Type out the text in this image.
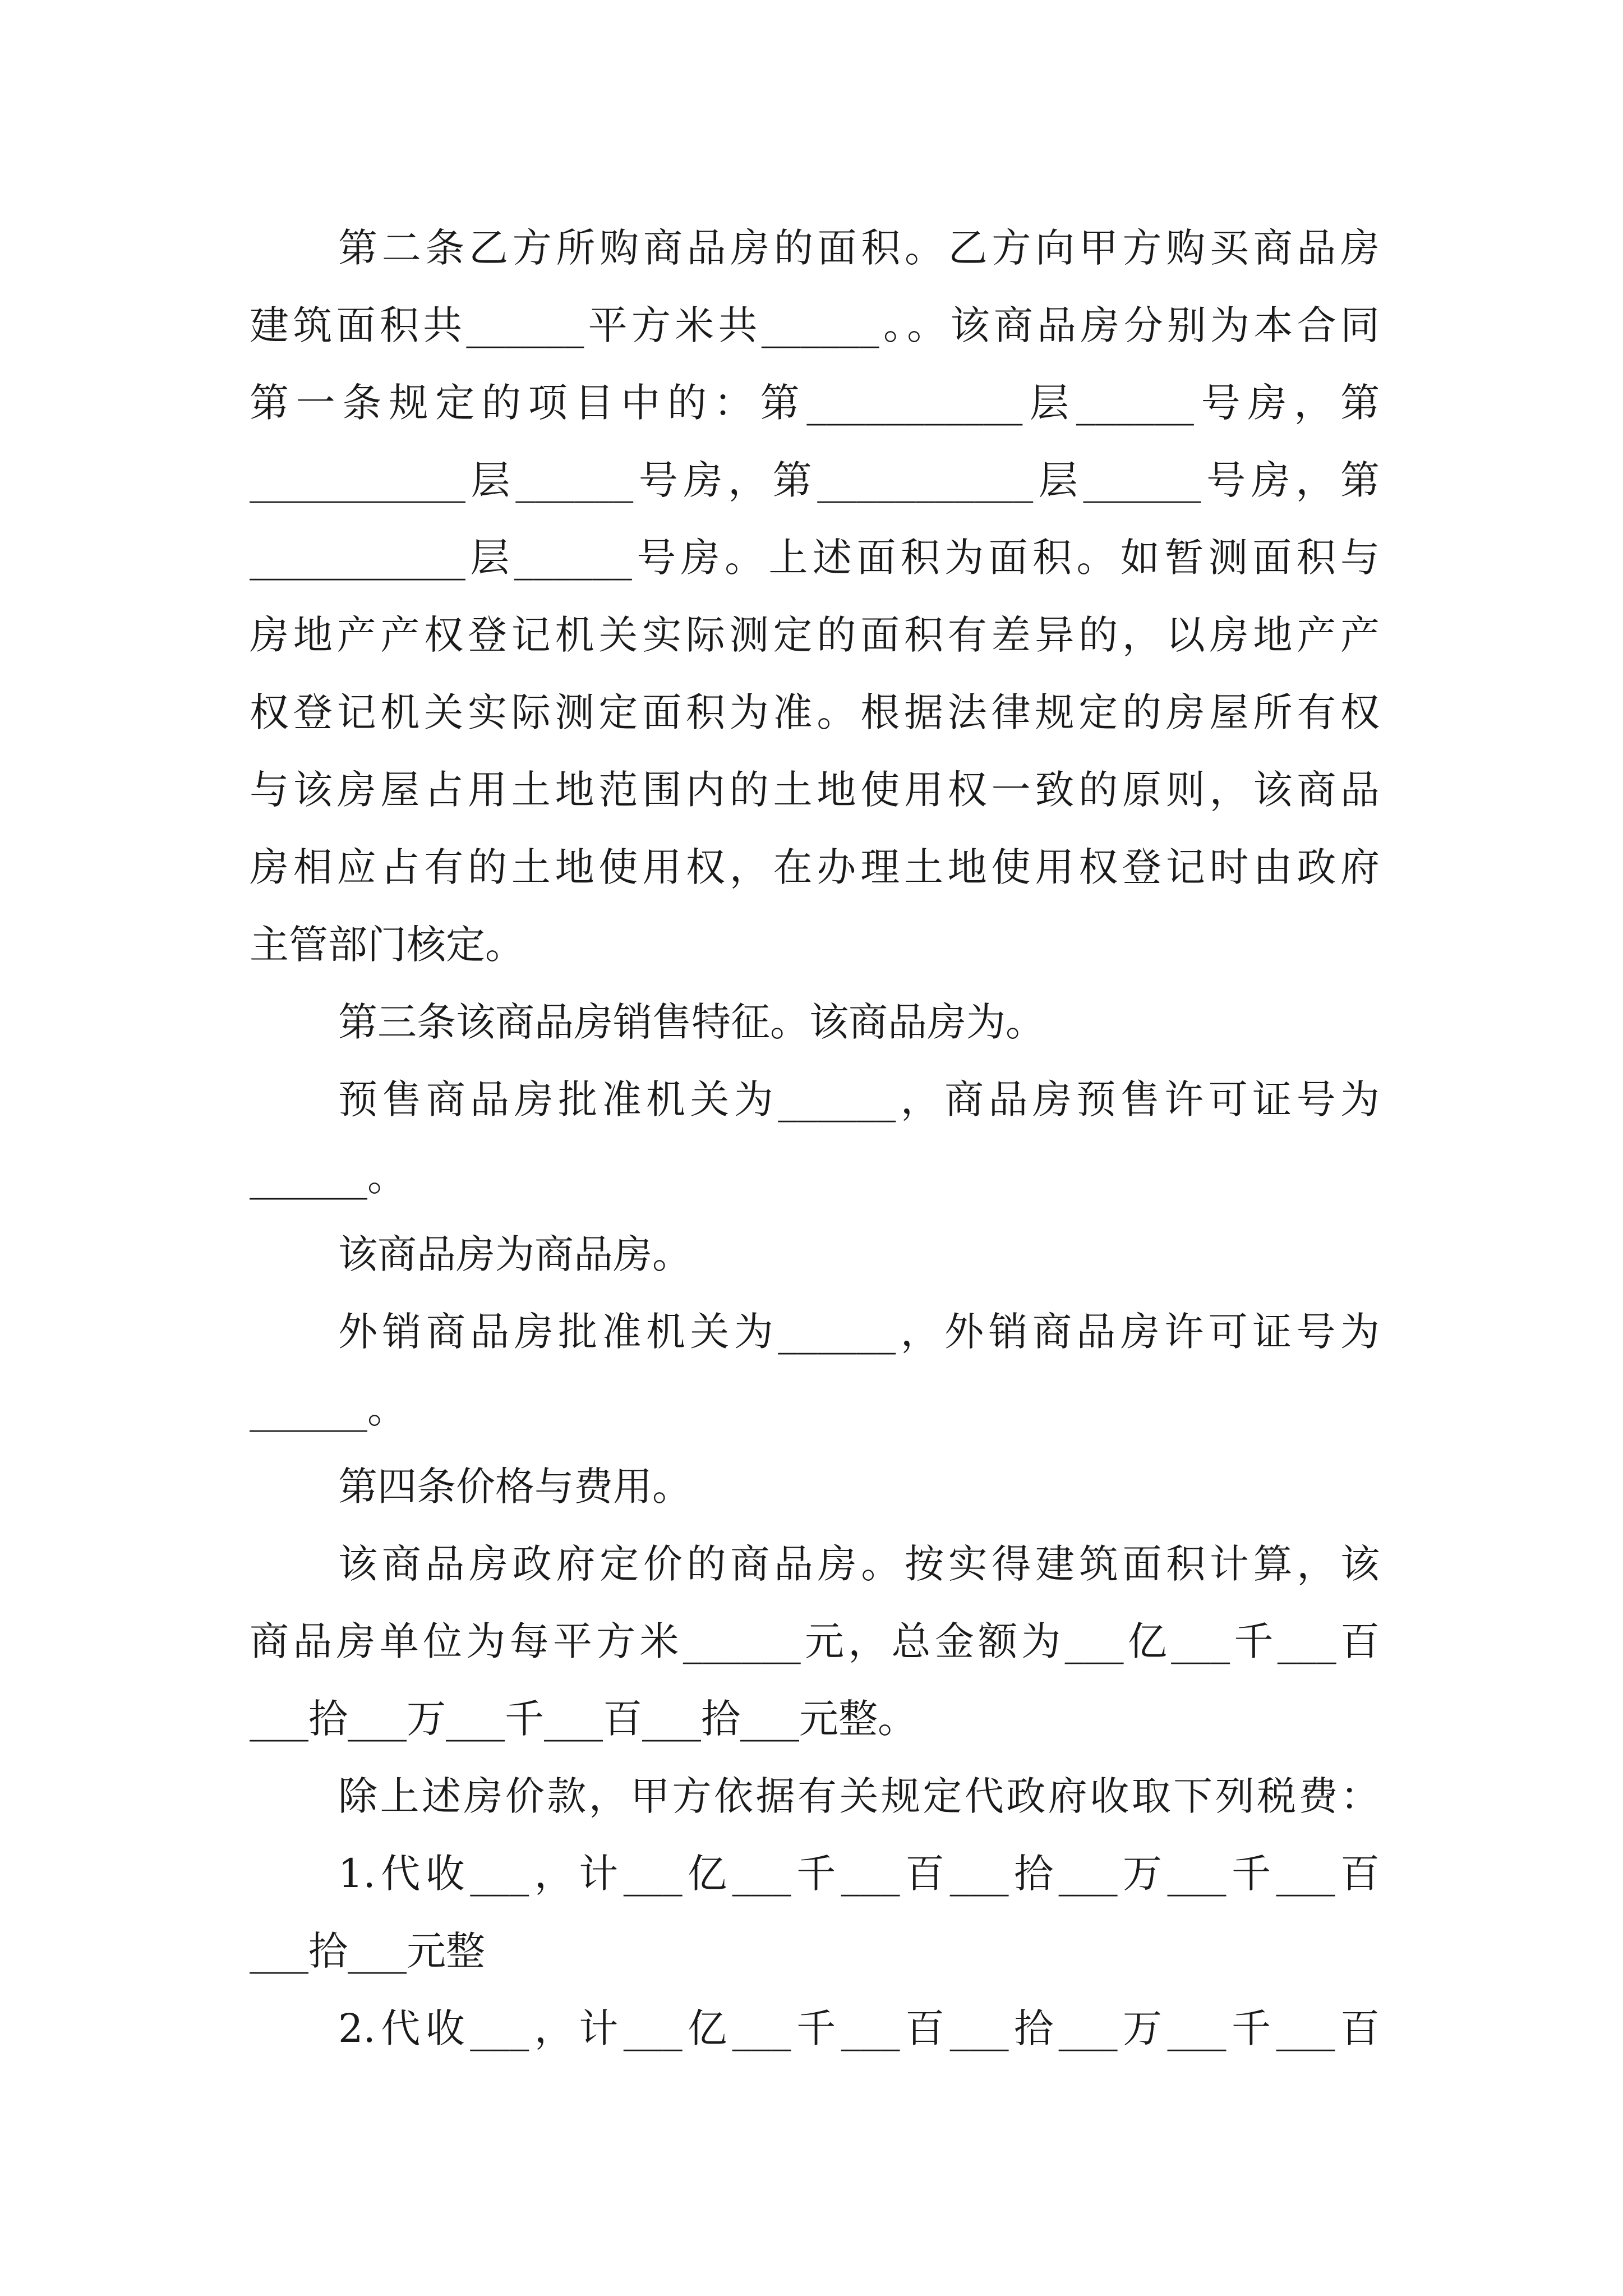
第二条乙方所购商品房的面积。乙方向甲方购买商品房
建筑面积共______平方米共______。。该商品房分别为本合同
第一条规定的项目中的：第___________层______号房，第
___________层______号房，第___________层______号房，第
___________层______号房。上述面积为面积。如暂测面积与
房地产产权登记机关实际测定的面积有差异的，以房地产产
权登记机关实际测定面积为准。根据法律规定的房屋所有权
与该房屋占用土地范围内的土地使用权一致的原则，该商品
房相应占有的土地使用权，在办理土地使用权登记时由政府
主管部门核定。
第三条该商品房销售特征。该商品房为。
预售商品房批准机关为______，商品房预售许可证号为
______。
该商品房为商品房。
外销商品房批准机关为______，外销商品房许可证号为
______。
第四条价格与费用。
该商品房政府定价的商品房。按实得建筑面积计算，该
商品房单位为每平方米______元，总金额为___亿___千___百
___拾___万___千___百___拾___元整。
除上述房价款，甲方依据有关规定代政府收取下列税费：
1.代收___，计___亿___千___百___拾___万___千___百
___拾___元整
2.代收___，计___亿___千___百___拾___万___千___百
